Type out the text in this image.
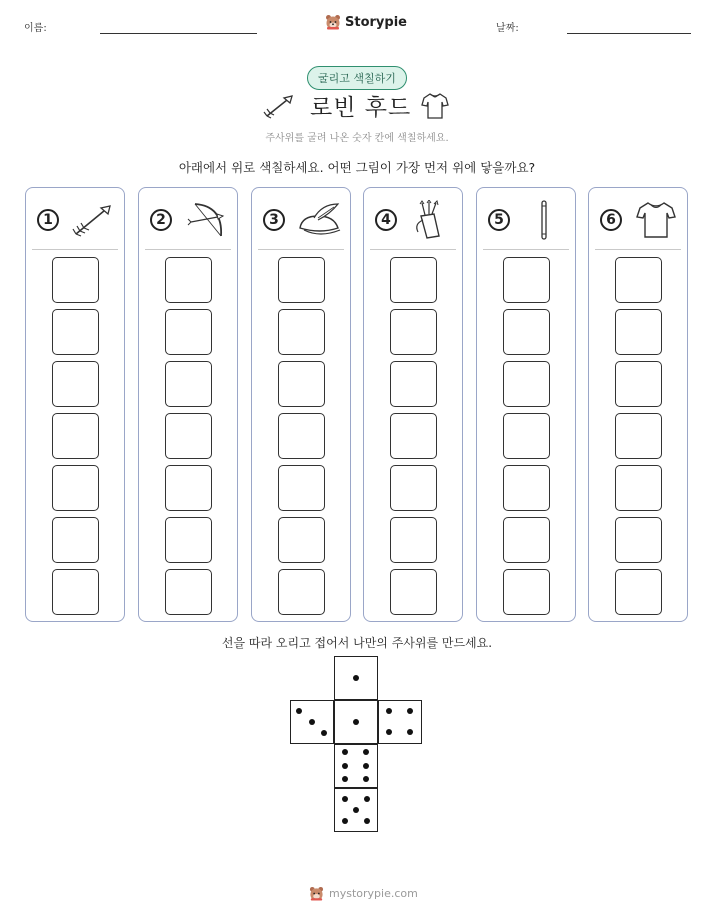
이름:	Storypie	날짜:
굴리고 색칠하기
로빈 후드
주사위를 굴려 나온 숫자 칸에 색칠하세요.
아래에서 위로 색칠하세요. 어떤 그림이 가장 먼저 위에 닿을까요?
1	2	3	4	5	6
선을 따라 오리고 접어서 나만의 주사위를 만드세요.
mystorypie.com
